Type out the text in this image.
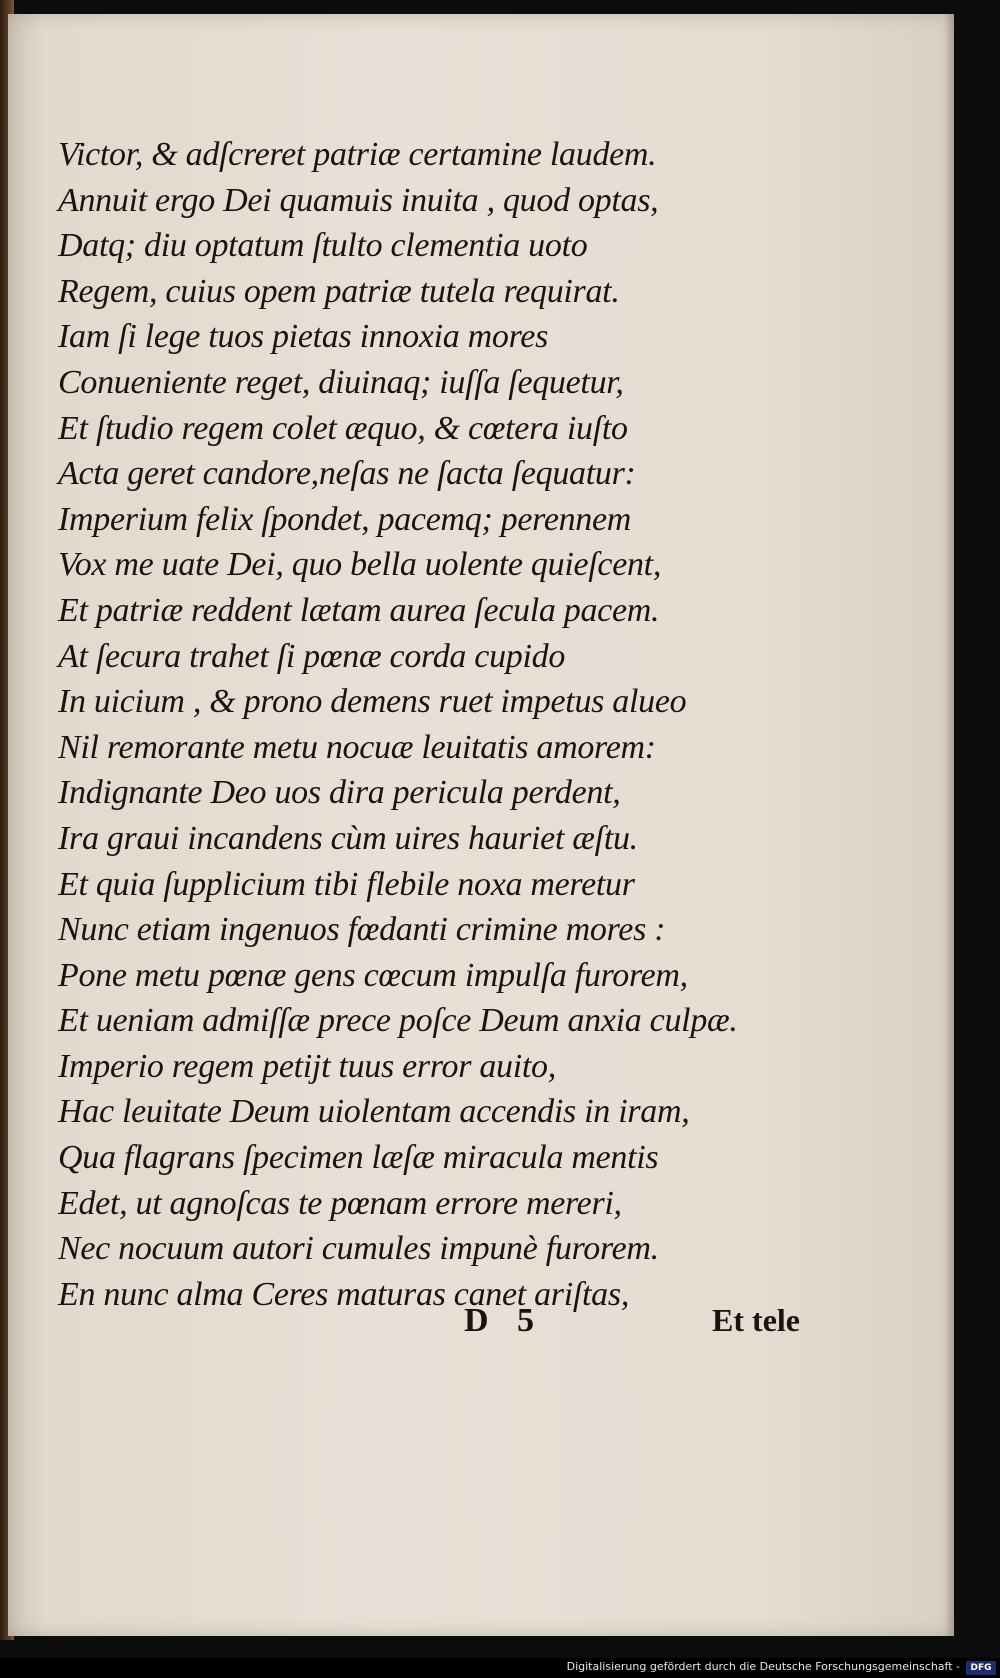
Victor, & adſcreret patriæ certamine laudem.
Annuit ergo Dei quamuis inuita , quod optas,
Datq; diu optatum ſtulto clementia uoto
Regem, cuius opem patriæ tutela requirat.
Iam ſi lege tuos pietas innoxia mores
Conueniente reget, diuinaq; iuſſa ſequetur,
Et ſtudio regem colet æquo, & cœtera iuſto
Acta geret candore,neſas ne ſacta ſequatur:
Imperium felix ſpondet, pacemq; perennem
Vox me uate Dei, quo bella uolente quieſcent,
Et patriæ reddent lætam aurea ſecula pacem.
At ſecura trahet ſi pœnæ corda cupido
In uicium , & prono demens ruet impetus alueo
Nil remorante metu nocuæ leuitatis amorem:
Indignante Deo uos dira pericula perdent,
Ira graui incandens cùm uires hauriet æſtu.
Et quia ſupplicium tibi flebile noxa meretur
Nunc etiam ingenuos fœdanti crimine mores :
Pone metu pœnæ gens cœcum impulſa furorem,
Et ueniam admiſſæ prece poſce Deum anxia culpæ.
Imperio regem petijt tuus error auito,
Hac leuitate Deum uiolentam accendis in iram,
Qua flagrans ſpecimen læſæ miracula mentis
Edet, ut agnoſcas te pœnam errore mereri,
Nec nocuum autori cumules impunè furorem.
En nunc alma Ceres maturas canet ariſtas,
D 5	Et tele
Digitalisierung gefördert durch die Deutsche Forschungsgemeinschaft -	DFG
